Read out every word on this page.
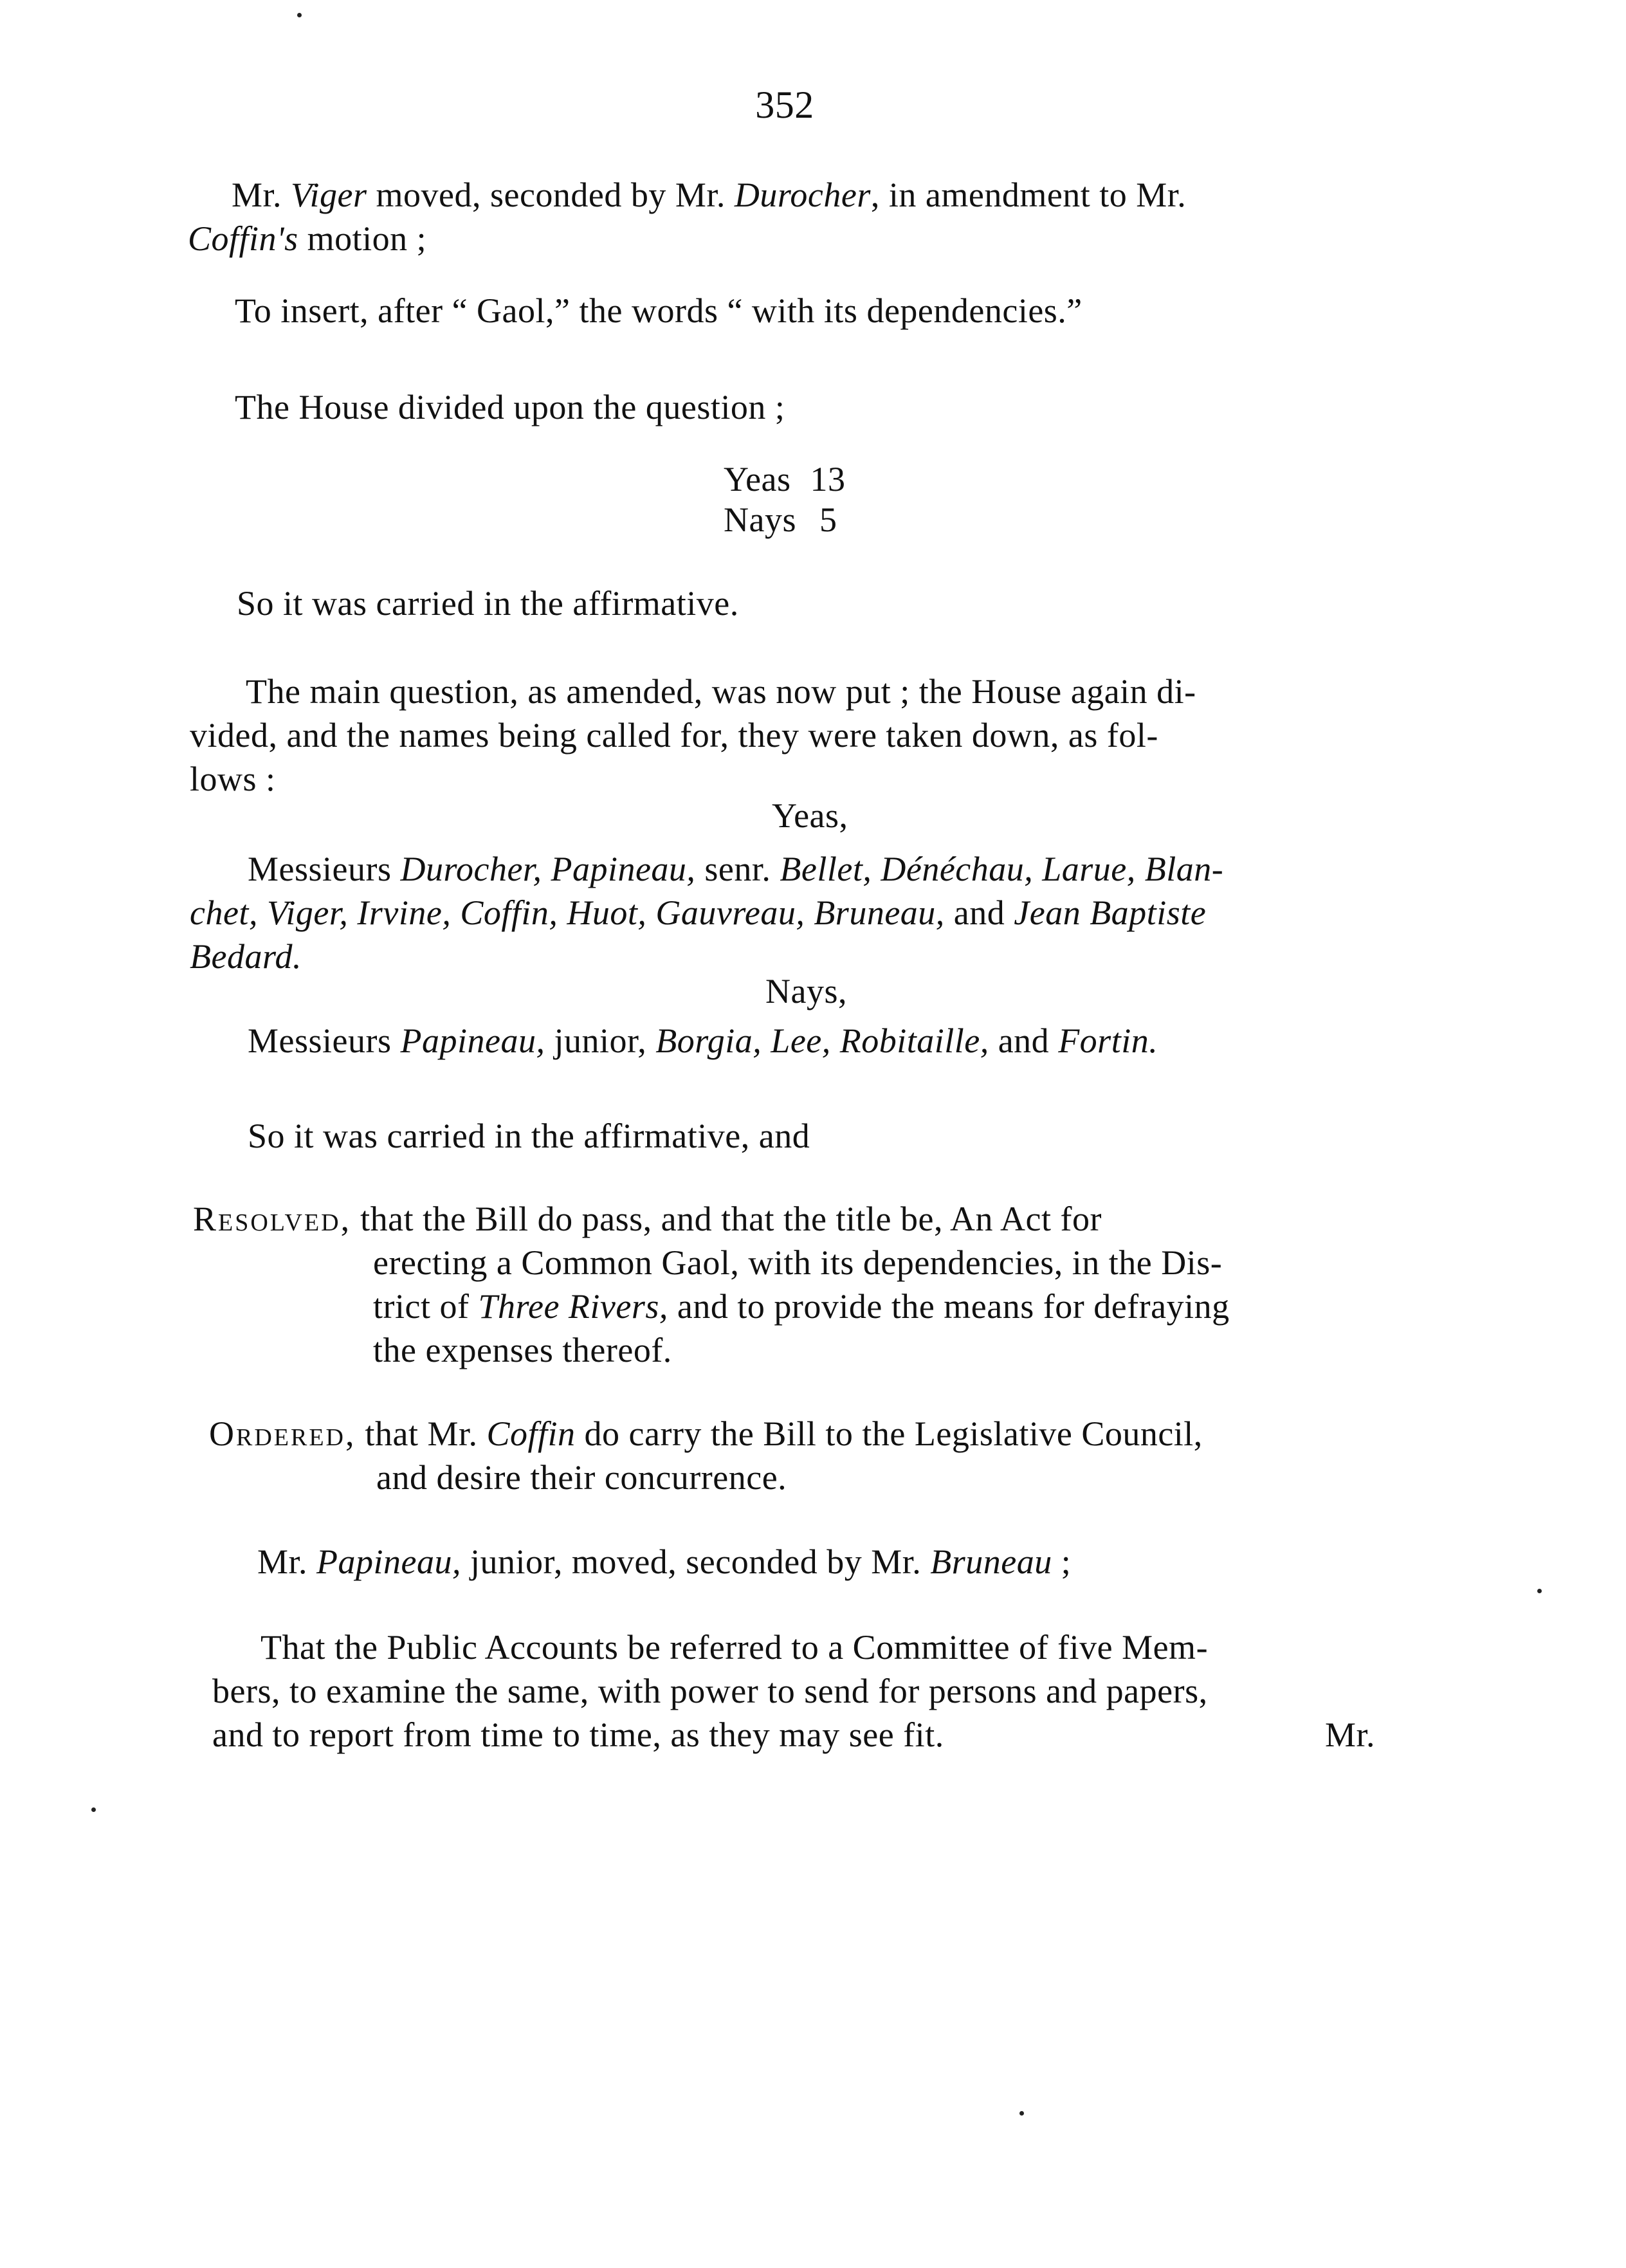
352
Mr. Viger moved, seconded by Mr. Durocher, in amendment to Mr.
Coffin's motion ;
To insert, after “ Gaol,” the words “ with its dependencies.”
The House divided upon the question ;
Yeas 13
Nays 5
So it was carried in the affirmative.
The main question, as amended, was now put ; the House again di-
vided, and the names being called for, they were taken down, as fol-
lows :
Yeas,
Messieurs Durocher, Papineau, senr. Bellet, Dénéchau, Larue, Blan-
chet, Viger, Irvine, Coffin, Huot, Gauvreau, Bruneau, and Jean Baptiste
Bedard.
Nays,
Messieurs Papineau, junior, Borgia, Lee, Robitaille, and Fortin.
So it was carried in the affirmative, and
Resolved, that the Bill do pass, and that the title be, An Act for
erecting a Common Gaol, with its dependencies, in the Dis-
trict of Three Rivers, and to provide the means for defraying
the expenses thereof.
Ordered, that Mr. Coffin do carry the Bill to the Legislative Council,
and desire their concurrence.
Mr. Papineau, junior, moved, seconded by Mr. Bruneau ;
That the Public Accounts be referred to a Committee of five Mem-
bers, to examine the same, with power to send for persons and papers,
and to report from time to time, as they may see fit.	Mr.
